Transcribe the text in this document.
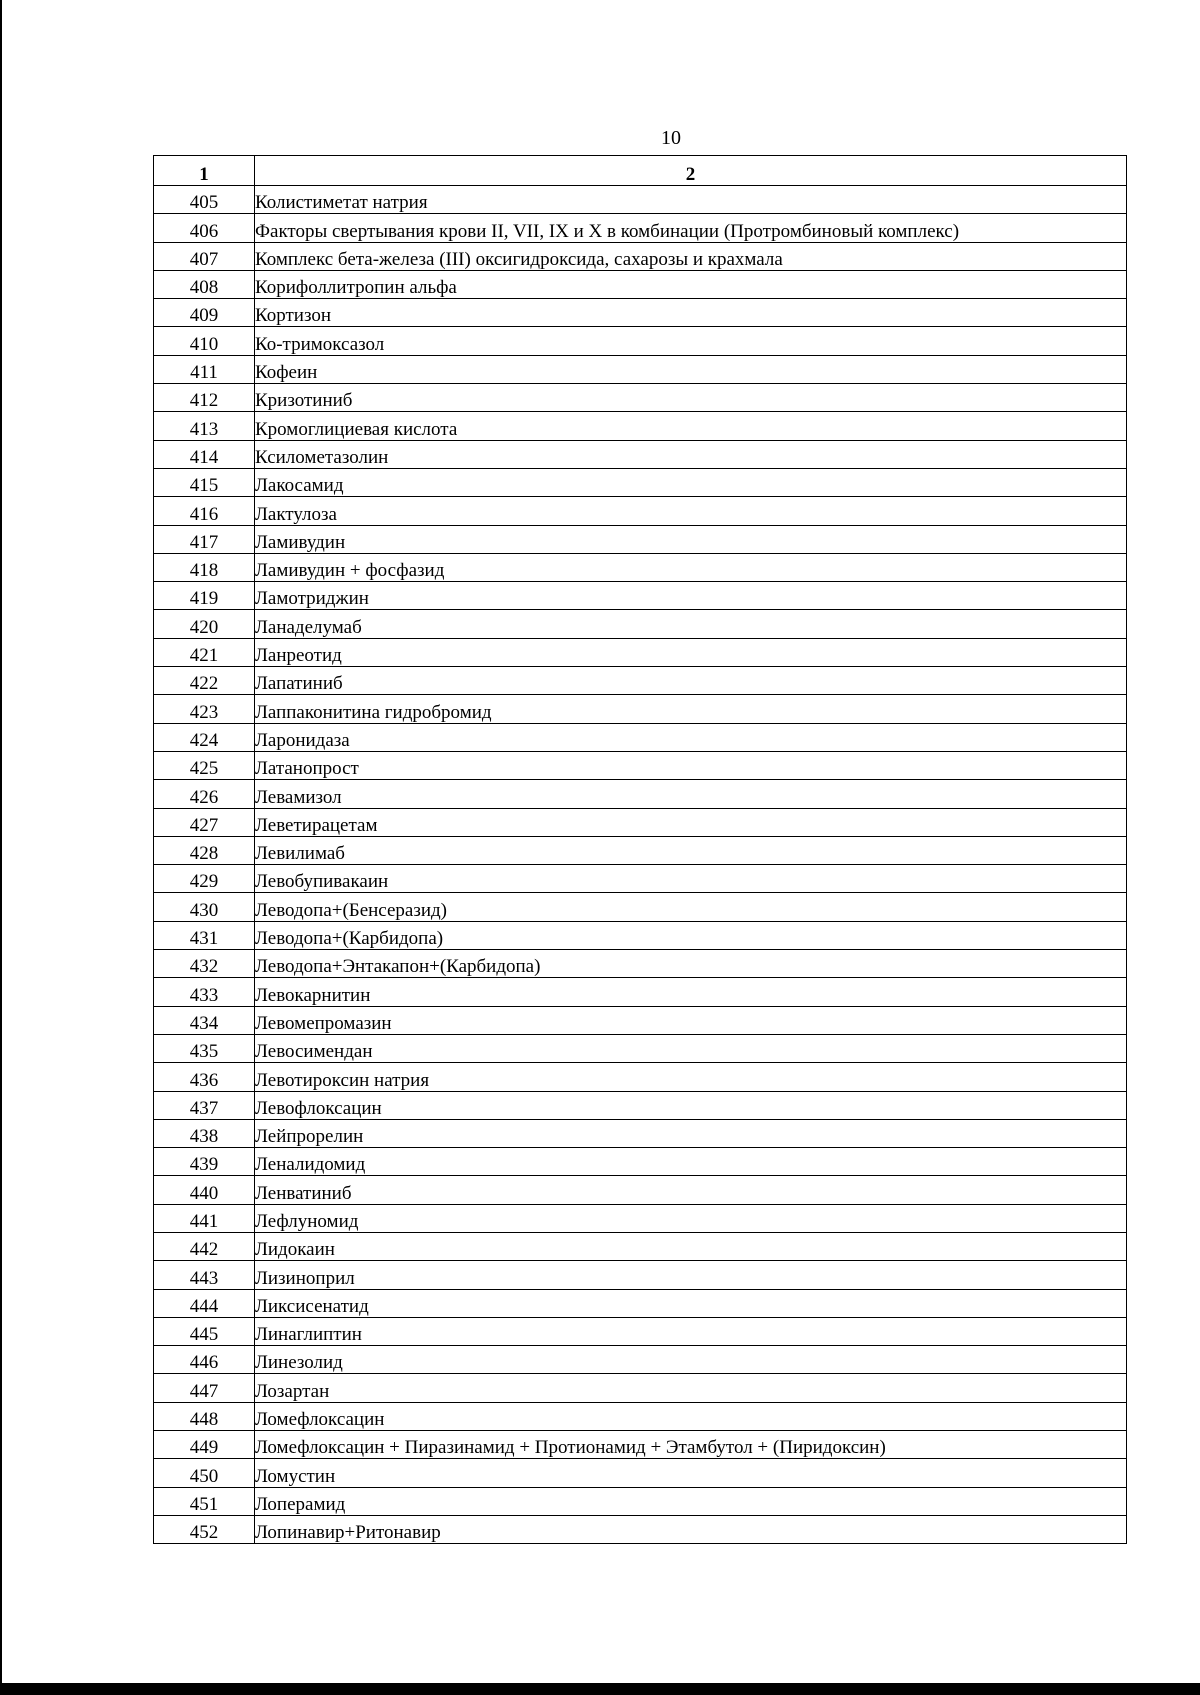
10
1	2
405	Колистиметат натрия
406	Факторы свертывания крови II, VII, IX и X в комбинации (Протромбиновый комплекс)
407	Комплекс бета-железа (III) оксигидроксида, сахарозы и крахмала
408	Корифоллитропин альфа
409	Кортизон
410	Ко-тримоксазол
411	Кофеин
412	Кризотиниб
413	Кромоглициевая кислота
414	Ксилометазолин
415	Лакосамид
416	Лактулоза
417	Ламивудин
418	Ламивудин + фосфазид
419	Ламотриджин
420	Ланаделумаб
421	Ланреотид
422	Лапатиниб
423	Лаппаконитина гидробромид
424	Ларонидаза
425	Латанопрост
426	Левамизол
427	Леветирацетам
428	Левилимаб
429	Левобупивакаин
430	Леводопа+(Бенсеразид)
431	Леводопа+(Карбидопа)
432	Леводопа+Энтакапон+(Карбидопа)
433	Левокарнитин
434	Левомепромазин
435	Левосимендан
436	Левотироксин натрия
437	Левофлоксацин
438	Лейпрорелин
439	Леналидомид
440	Ленватиниб
441	Лефлуномид
442	Лидокаин
443	Лизиноприл
444	Ликсисенатид
445	Линаглиптин
446	Линезолид
447	Лозартан
448	Ломефлоксацин
449	Ломефлоксацин + Пиразинамид + Протионамид + Этамбутол + (Пиридоксин)
450	Ломустин
451	Лоперамид
452	Лопинавир+Ритонавир
